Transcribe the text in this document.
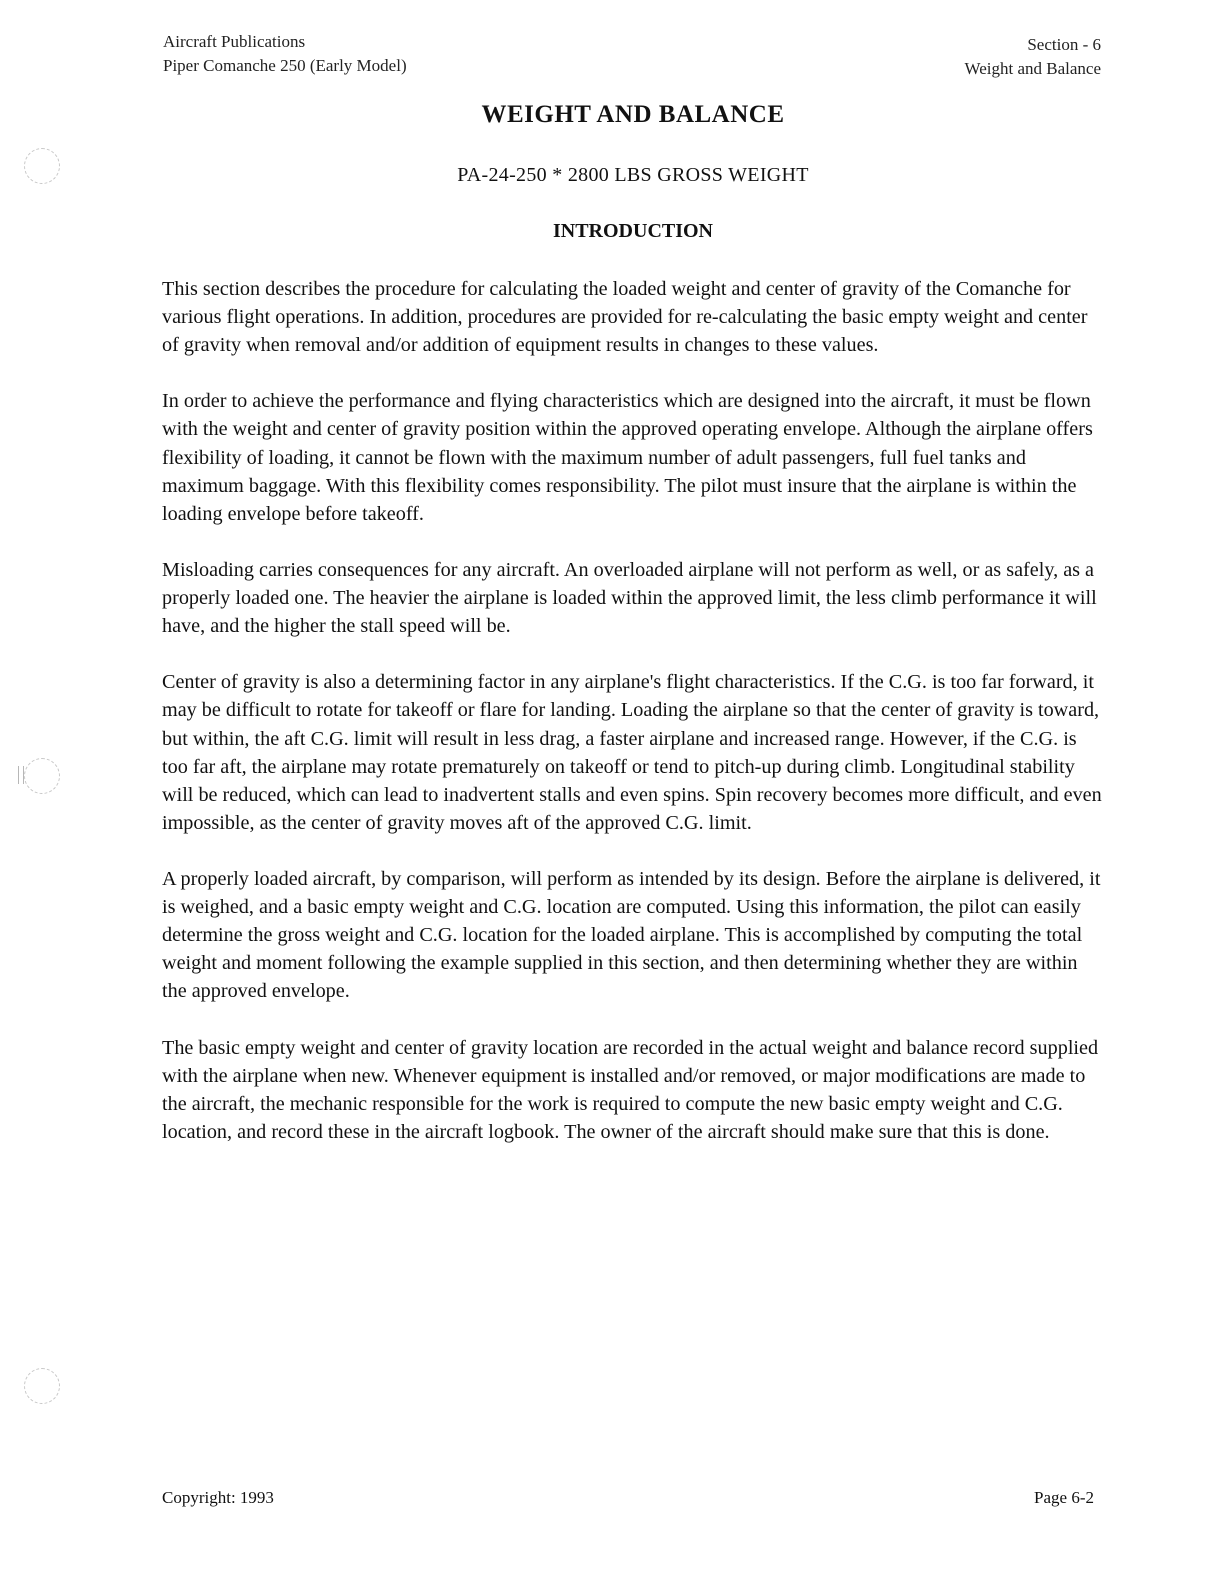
Aircraft Publications
Piper Comanche 250 (Early Model)
Section - 6
Weight and Balance
WEIGHT AND BALANCE
PA-24-250 * 2800 LBS GROSS WEIGHT
INTRODUCTION

This section describes the procedure for calculating the loaded weight and center of gravity of the Comanche for various flight operations. In addition, procedures are provided for re-calculating the basic empty weight and center of gravity when removal and/or addition of equipment results in changes to these values.

In order to achieve the performance and flying characteristics which are designed into the aircraft, it must be flown with the weight and center of gravity position within the approved operating envelope. Although the airplane offers flexibility of loading, it cannot be flown with the maximum number of adult passengers, full fuel tanks and maximum baggage. With this flexibility comes responsibility. The pilot must insure that the airplane is within the loading envelope before takeoff.

Misloading carries consequences for any aircraft. An overloaded airplane will not perform as well, or as safely, as a properly loaded one. The heavier the airplane is loaded within the approved limit, the less climb performance it will have, and the higher the stall speed will be.

Center of gravity is also a determining factor in any airplane's flight characteristics. If the C.G. is too far forward, it may be difficult to rotate for takeoff or flare for landing. Loading the airplane so that the center of gravity is toward, but within, the aft C.G. limit will result in less drag, a faster airplane and increased range. However, if the C.G. is too far aft, the airplane may rotate prematurely on takeoff or tend to pitch-up during climb. Longitudinal stability will be reduced, which can lead to inadvertent stalls and even spins. Spin recovery becomes more difficult, and even impossible, as the center of gravity moves aft of the approved C.G. limit.

A properly loaded aircraft, by comparison, will perform as intended by its design. Before the airplane is delivered, it is weighed, and a basic empty weight and C.G. location are computed. Using this information, the pilot can easily determine the gross weight and C.G. location for the loaded airplane. This is accomplished by computing the total weight and moment following the example supplied in this section, and then determining whether they are within the approved envelope.

The basic empty weight and center of gravity location are recorded in the actual weight and balance record supplied with the airplane when new. Whenever equipment is installed and/or removed, or major modifications are made to the aircraft, the mechanic responsible for the work is required to compute the new basic empty weight and C.G. location, and record these in the aircraft logbook. The owner of the aircraft should make sure that this is done.

Copyright: 1993	Page 6-2
